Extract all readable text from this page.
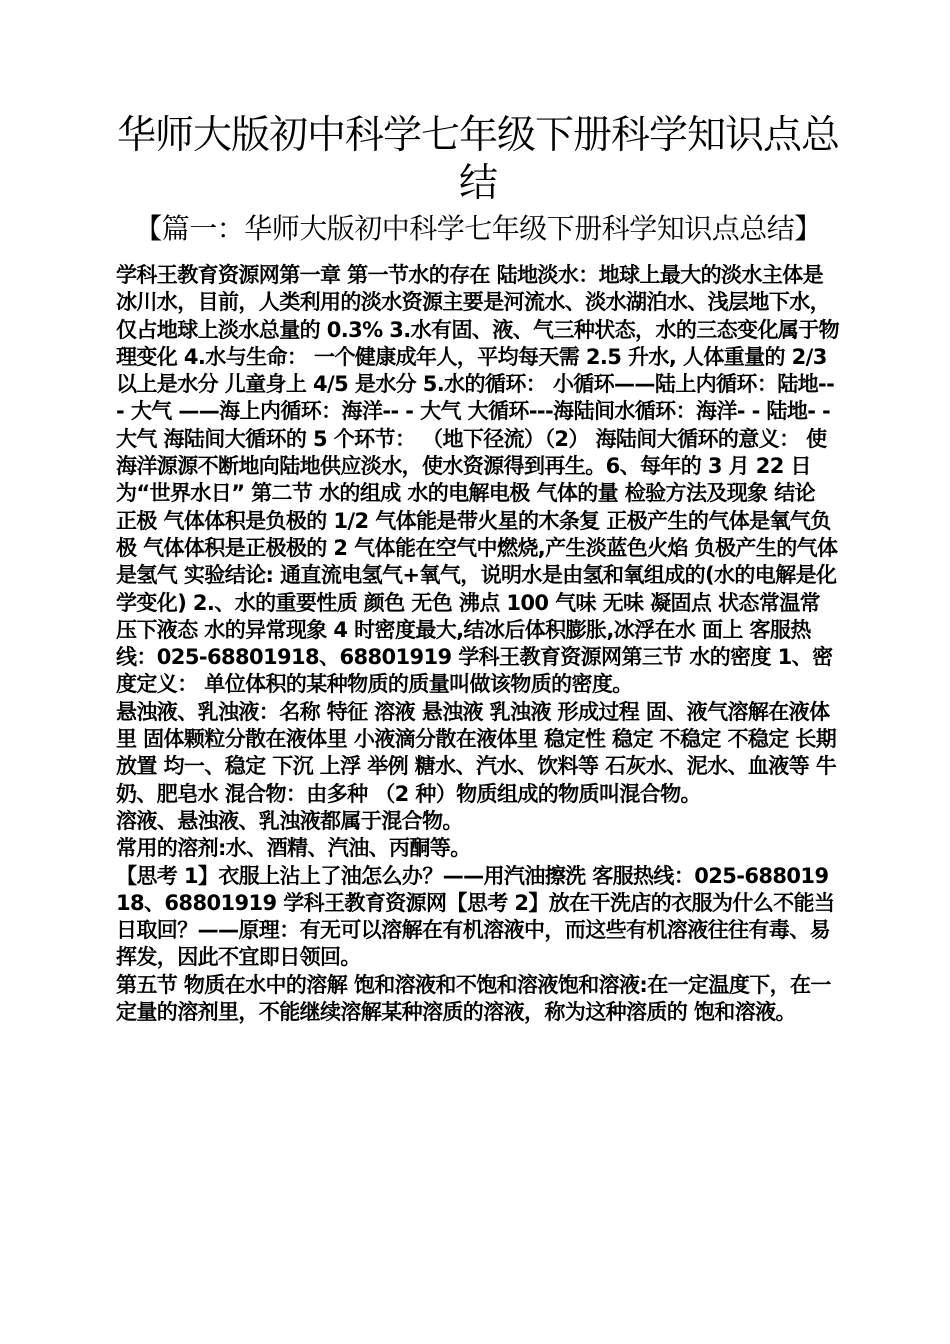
华师大版初中科学七年级下册科学知识点总结
【篇一：华师大版初中科学七年级下册科学知识点总结】

学科王教育资源网第一章 第一节水的存在 陆地淡水：地球上最大的淡水主体是冰川水，目前，人类利用的淡水资源主要是河流水、淡水湖泊水、浅层地下水，仅占地球上淡水总量的 0.3% 3.水有固、液、气三种状态，水的三态变化属于物理变化 4.水与生命： 一个健康成年人，平均每天需 2.5 升水, 人体重量的 2/3 以上是水分 儿童身上 4/5 是水分 5.水的循环： 小循环——陆上内循环：陆地-- - 大气 ——海上内循环：海洋-- - 大气 大循环---海陆间水循环：海洋- - 陆地- - 大气 海陆间大循环的 5 个环节： （地下径流）（2） 海陆间大循环的意义： 使海洋源源不断地向陆地供应淡水，使水资源得到再生。6、每年的 3 月 22 日为“世界水日” 第二节 水的组成 水的电解电极 气体的量 检验方法及现象 结论 正极 气体体积是负极的 1/2 气体能是带火星的木条复 正极产生的气体是氧气负极 气体体积是正极极的 2 气体能在空气中燃烧,产生淡蓝色火焰 负极产生的气体是氢气 实验结论: 通直流电氢气+氧气，说明水是由氢和氧组成的(水的电解是化学变化) 2.、水的重要性质 颜色 无色 沸点 100 气味 无味 凝固点 状态常温常压下液态 水的异常现象 4 时密度最大,结冰后体积膨胀,冰浮在水 面上 客服热线：025-68801918、68801919 学科王教育资源网第三节 水的密度 1、密度定义： 单位体积的某种物质的质量叫做该物质的密度。

悬浊液、乳浊液：名称 特征 溶液 悬浊液 乳浊液 形成过程 固、液气溶解在液体里 固体颗粒分散在液体里 小液滴分散在液体里 稳定性 稳定 不稳定 不稳定 长期放置 均一、稳定 下沉 上浮 举例 糖水、汽水、饮料等 石灰水、泥水、血液等 牛奶、肥皂水 混合物：由多种 （2 种）物质组成的物质叫混合物。

溶液、悬浊液、乳浊液都属于混合物。

常用的溶剂:水、酒精、汽油、丙酮等。

【思考 1】衣服上沾上了油怎么办？——用汽油擦洗 客服热线：025-68801918、68801919 学科王教育资源网【思考 2】放在干洗店的衣服为什么不能当日取回？——原理：有无可以溶解在有机溶液中，而这些有机溶液往往有毒、易挥发，因此不宜即日领回。

第五节 物质在水中的溶解 饱和溶液和不饱和溶液饱和溶液:在一定温度下，在一定量的溶剂里，不能继续溶解某种溶质的溶液，称为这种溶质的 饱和溶液。
